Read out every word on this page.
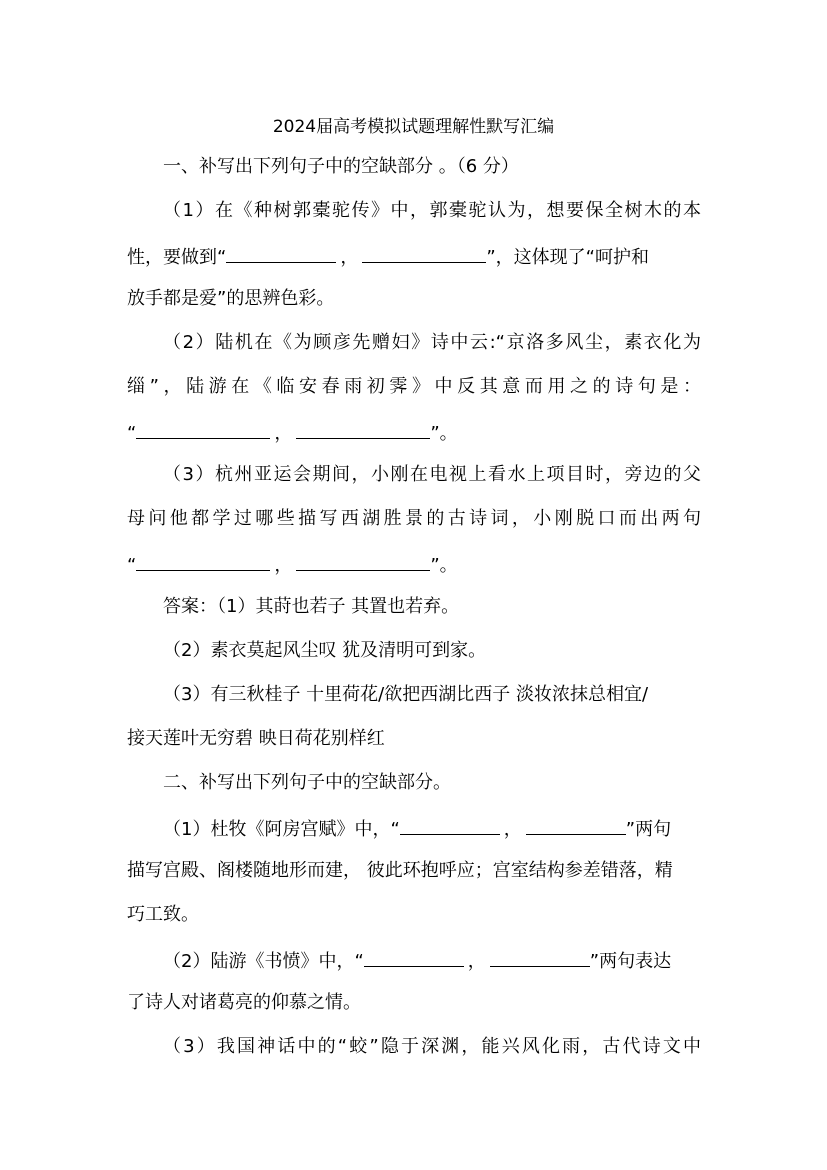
2024届高考模拟试题理解性默写汇编
一、补写出下列句子中的空缺部分 。（6 分）
（1）在《种树郭橐驼传》中，郭橐驼认为，想要保全树木的本
性，要做到“	，	”，这体现了“呵护和
放手都是爱”的思辨色彩。
（2）陆机在《为顾彦先赠妇》诗中云:“京洛多风尘，素衣化为
缁”，陆游在《临安春雨初霁》中反其意而用之的诗句是：
“	，	”。
（3）杭州亚运会期间，小刚在电视上看水上项目时，旁边的父
母问他都学过哪些描写西湖胜景的古诗词，小刚脱口而出两句
“	，	”。
答案：（1）其莳也若子 其置也若弃。
（2）素衣莫起风尘叹 犹及清明可到家。
（3）有三秋桂子 十里荷花/欲把西湖比西子 淡妆浓抹总相宜/
接天莲叶无穷碧 映日荷花别样红
二、补写出下列句子中的空缺部分。
（1）杜牧《阿房宫赋》中，“	，	”两句
描写宫殿、阁楼随地形而建， 彼此环抱呼应；宫室结构参差错落，精
巧工致。
（2）陆游《书愤》中，“	，	”两句表达
了诗人对诸葛亮的仰慕之情。
（3）我国神话中的“蛟”隐于深渊，能兴风化雨，古代诗文中
